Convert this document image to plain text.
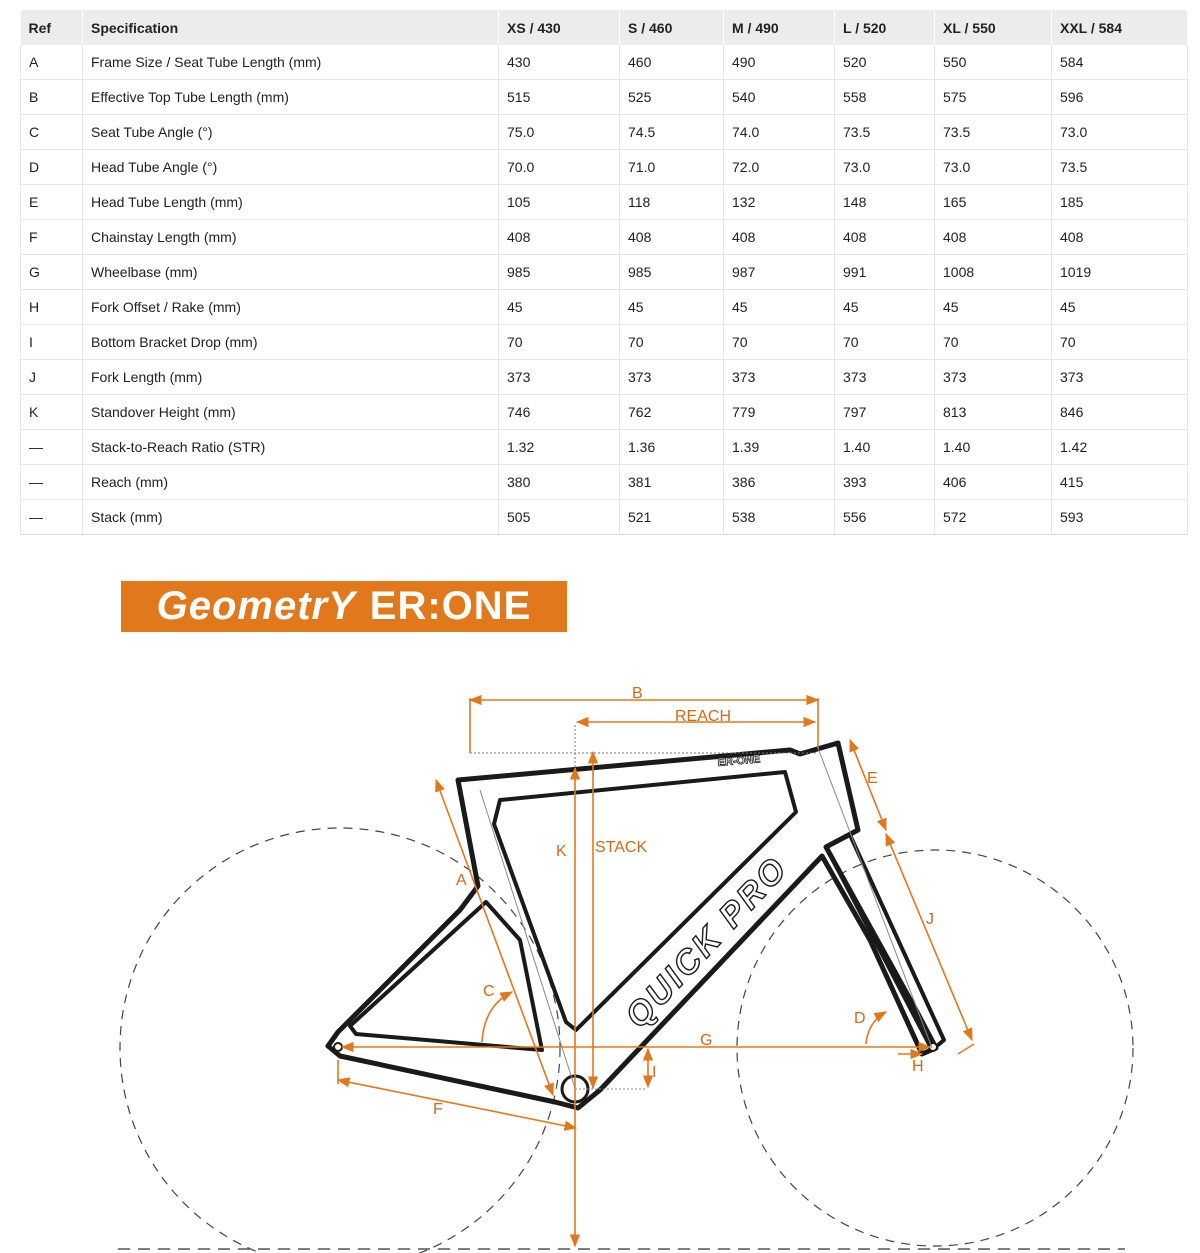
Ref	Specification	XS / 430	S / 460	M / 490	L / 520	XL / 550	XXL / 584
A	Frame Size / Seat Tube Length (mm)	430	460	490	520	550	584
B	Effective Top Tube Length (mm)	515	525	540	558	575	596
C	Seat Tube Angle (°)	75.0	74.5	74.0	73.5	73.5	73.0
D	Head Tube Angle (°)	70.0	71.0	72.0	73.0	73.0	73.5
E	Head Tube Length (mm)	105	118	132	148	165	185
F	Chainstay Length (mm)	408	408	408	408	408	408
G	Wheelbase (mm)	985	985	987	991	1008	1019
H	Fork Offset / Rake (mm)	45	45	45	45	45	45
I	Bottom Bracket Drop (mm)	70	70	70	70	70	70
J	Fork Length (mm)	373	373	373	373	373	373
K	Standover Height (mm)	746	762	779	797	813	846
—	Stack-to-Reach Ratio (STR)	1.32	1.36	1.39	1.40	1.40	1.42
—	Reach (mm)	380	381	386	393	406	415
—	Stack (mm)	505	521	538	556	572	593
GeometrY ER:ONE
QUICK PRO
ER-ONE
B
REACH
E
K STACK
A
C
J
D
G
H
I
F
